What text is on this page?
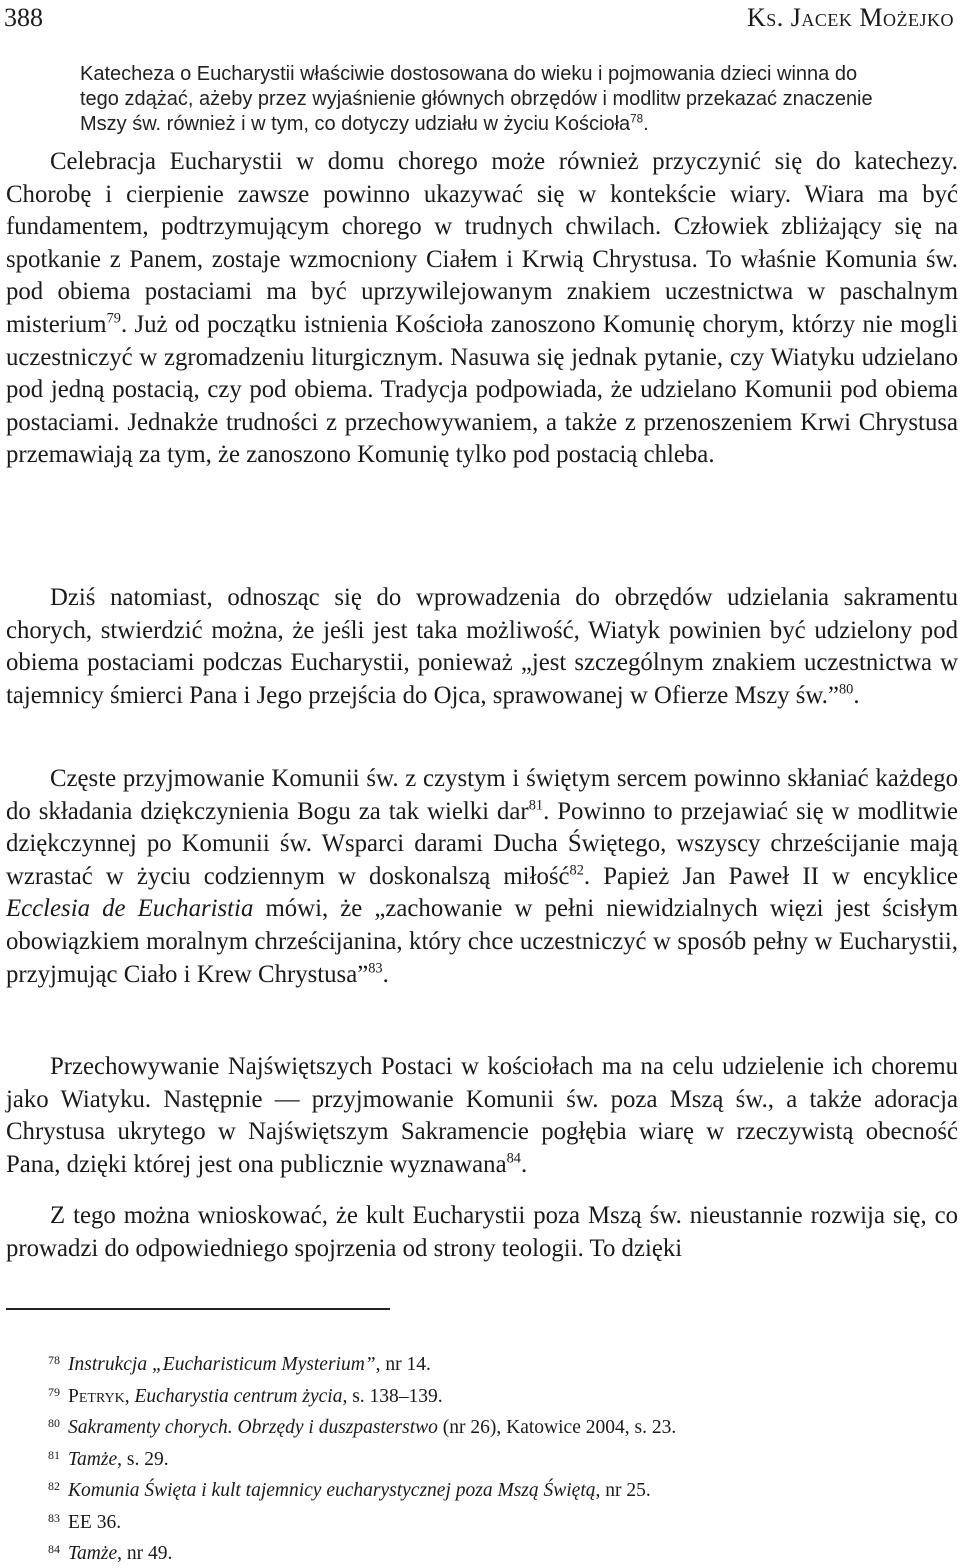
388	Ks. Jacek Możejko
Katecheza o Eucharystii właściwie dostosowana do wieku i pojmowania dzieci winna do tego zdążać, ażeby przez wyjaśnienie głównych obrzędów i modlitw przekazać znaczenie Mszy św. również i w tym, co dotyczy udziału w życiu Kościoła$^{78}$.
Celebracja Eucharystii w domu chorego może również przyczynić się do katechezy. Chorobę i cierpienie zawsze powinno ukazywać się w kontekście wiary. Wiara ma być fundamentem, podtrzymującym chorego w trudnych chwilach. Człowiek zbliżający się na spotkanie z Panem, zostaje wzmocniony Ciałem i Krwią Chrystusa. To właśnie Komunia św. pod obiema postaciami ma być uprzywilejowanym znakiem uczestnictwa w paschalnym misterium$^{79}$. Już od początku istnienia Kościoła zanoszono Komunię chorym, którzy nie mogli uczestniczyć w zgromadzeniu liturgicznym. Nasuwa się jednak pytanie, czy Wiatyku udzielano pod jedną postacią, czy pod obiema. Tradycja podpowiada, że udzielano Komunii pod obiema postaciami. Jednakże trudności z przechowywaniem, a także z przenoszeniem Krwi Chrystusa przemawiają za tym, że zanoszono Komunię tylko pod postacią chleba.
Dziś natomiast, odnosząc się do wprowadzenia do obrzędów udzielania sakramentu chorych, stwierdzić można, że jeśli jest taka możliwość, Wiatyk powinien być udzielony pod obiema postaciami podczas Eucharystii, ponieważ „jest szczególnym znakiem uczestnictwa w tajemnicy śmierci Pana i Jego przejścia do Ojca, sprawowanej w Ofierze Mszy św.”$^{80}$.
Częste przyjmowanie Komunii św. z czystym i świętym sercem powinno skłaniać każdego do składania dziękczynienia Bogu za tak wielki dar$^{81}$. Powinno to przejawiać się w modlitwie dziękczynnej po Komunii św. Wsparci darami Ducha Świętego, wszyscy chrześcijanie mają wzrastać w życiu codziennym w doskonalszą miłość$^{82}$. Papież Jan Paweł II w encyklice Ecclesia de Eucharistia mówi, że „zachowanie w pełni niewidzialnych więzi jest ścisłym obowiązkiem moralnym chrześcijanina, który chce uczestniczyć w sposób pełny w Eucharystii, przyjmując Ciało i Krew Chrystusa”$^{83}$.
Przechowywanie Najświętszych Postaci w kościołach ma na celu udzielenie ich choremu jako Wiatyku. Następnie — przyjmowanie Komunii św. poza Mszą św., a także adoracja Chrystusa ukrytego w Najświętszym Sakramencie pogłębia wiarę w rzeczywistą obecność Pana, dzięki której jest ona publicznie wyznawana$^{84}$.
Z tego można wnioskować, że kult Eucharystii poza Mszą św. nieustannie rozwija się, co prowadzi do odpowiedniego spojrzenia od strony teologii. To dzięki
78 Instrukcja „Eucharisticum Mysterium”, nr 14.
79 Petryk, Eucharystia centrum życia, s. 138–139.
80 Sakramenty chorych. Obrzędy i duszpasterstwo (nr 26), Katowice 2004, s. 23.
81 Tamże, s. 29.
82 Komunia Święta i kult tajemnicy eucharystycznej poza Mszą Świętą, nr 25.
83 EE 36.
84 Tamże, nr 49.
